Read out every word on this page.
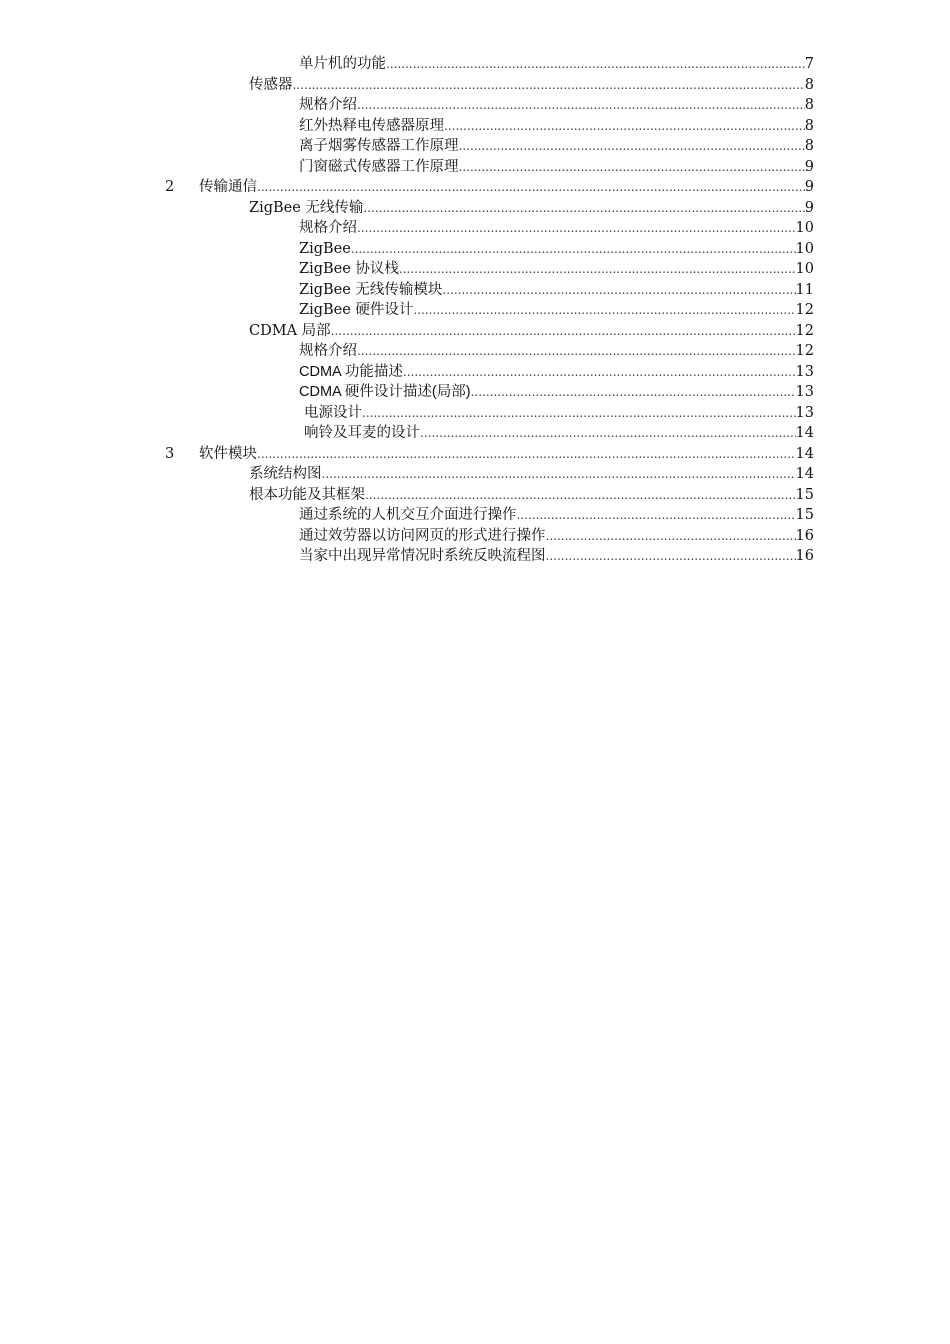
单片机的功能 .....	7
传感器 .....	8
规格介绍 .....	8
红外热释电传感器原理 .....	8
离子烟雾传感器工作原理 .....	8
门窗磁式传感器工作原理 .....	9
2 传输通信 .....	9
ZigBee 无线传输 .....	9
规格介绍 .....	10
ZigBee .....	10
ZigBee 协议栈 .....	10
ZigBee 无线传输模块 .....	11
ZigBee 硬件设计 .....	12
CDMA 局部 .....	12
规格介绍 .....	12
CDMA 功能描述 .....	13
CDMA 硬件设计描述(局部) .....	13
电源设计 .....	13
响铃及耳麦的设计 .....	14
3 软件模块 .....	14
系统结构图 .....	14
根本功能及其框架 .....	15
通过系统的人机交互介面进行操作 .....	15
通过效劳器以访问网页的形式进行操作 .....	16
当家中出现异常情况时系统反映流程图 .....	16
